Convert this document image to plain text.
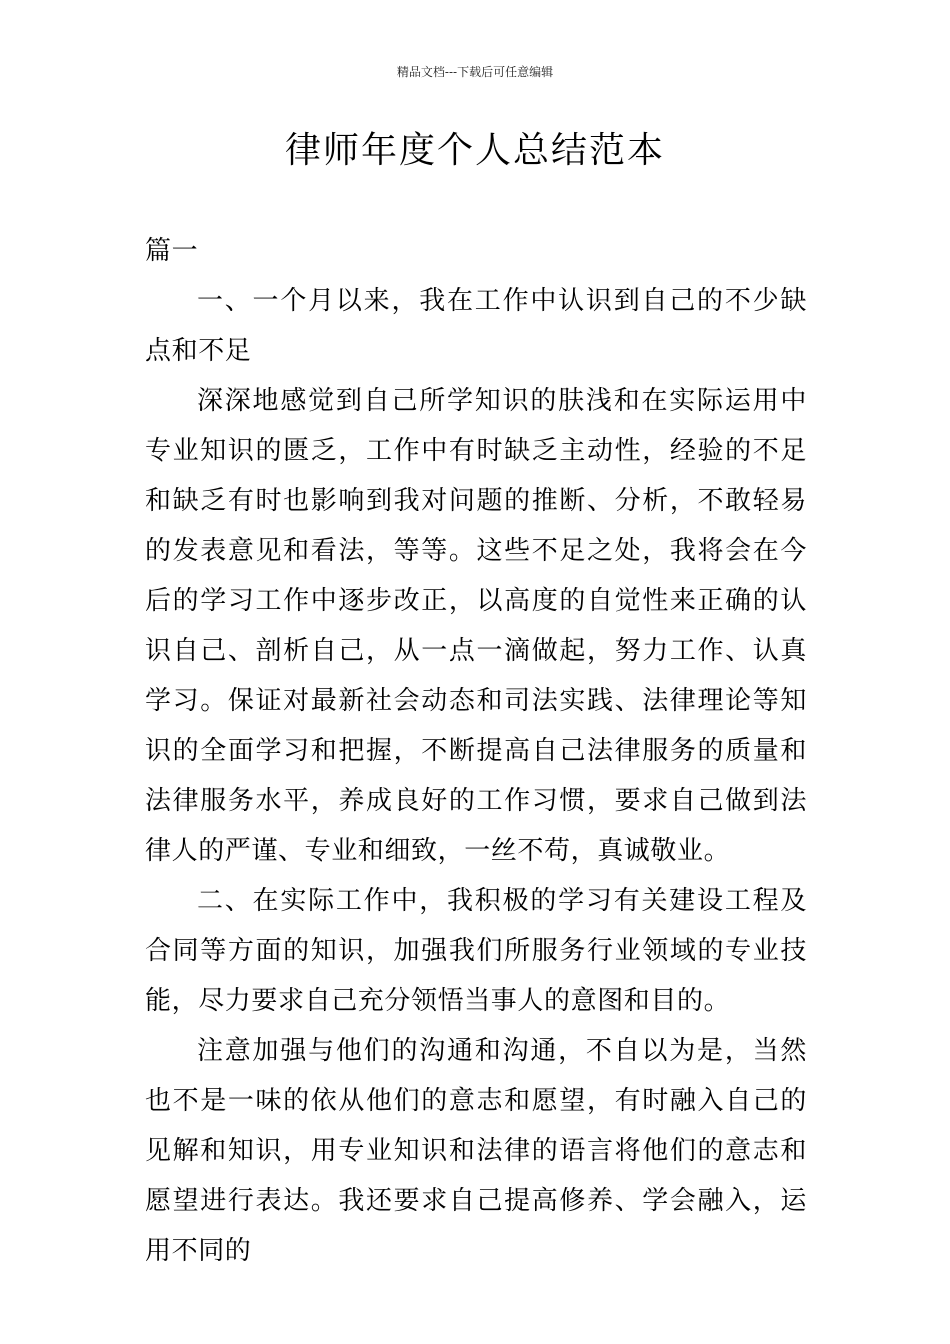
精品文档---下载后可任意编辑
律师年度个人总结范本

篇一

一、一个月以来，我在工作中认识到自己的不少缺点和不足

深深地感觉到自己所学知识的肤浅和在实际运用中专业知识的匮乏，工作中有时缺乏主动性，经验的不足和缺乏有时也影响到我对问题的推断、分析，不敢轻易的发表意见和看法，等等。这些不足之处，我将会在今后的学习工作中逐步改正，以高度的自觉性来正确的认识自己、剖析自己，从一点一滴做起，努力工作、认真学习。保证对最新社会动态和司法实践、法律理论等知识的全面学习和把握，不断提高自己法律服务的质量和法律服务水平，养成良好的工作习惯，要求自己做到法律人的严谨、专业和细致，一丝不苟，真诚敬业。

二、在实际工作中，我积极的学习有关建设工程及合同等方面的知识，加强我们所服务行业领域的专业技能，尽力要求自己充分领悟当事人的意图和目的。

注意加强与他们的沟通和沟通，不自以为是，当然也不是一味的依从他们的意志和愿望，有时融入自己的见解和知识，用专业知识和法律的语言将他们的意志和愿望进行表达。我还要求自己提高修养、学会融入，运用不同的
